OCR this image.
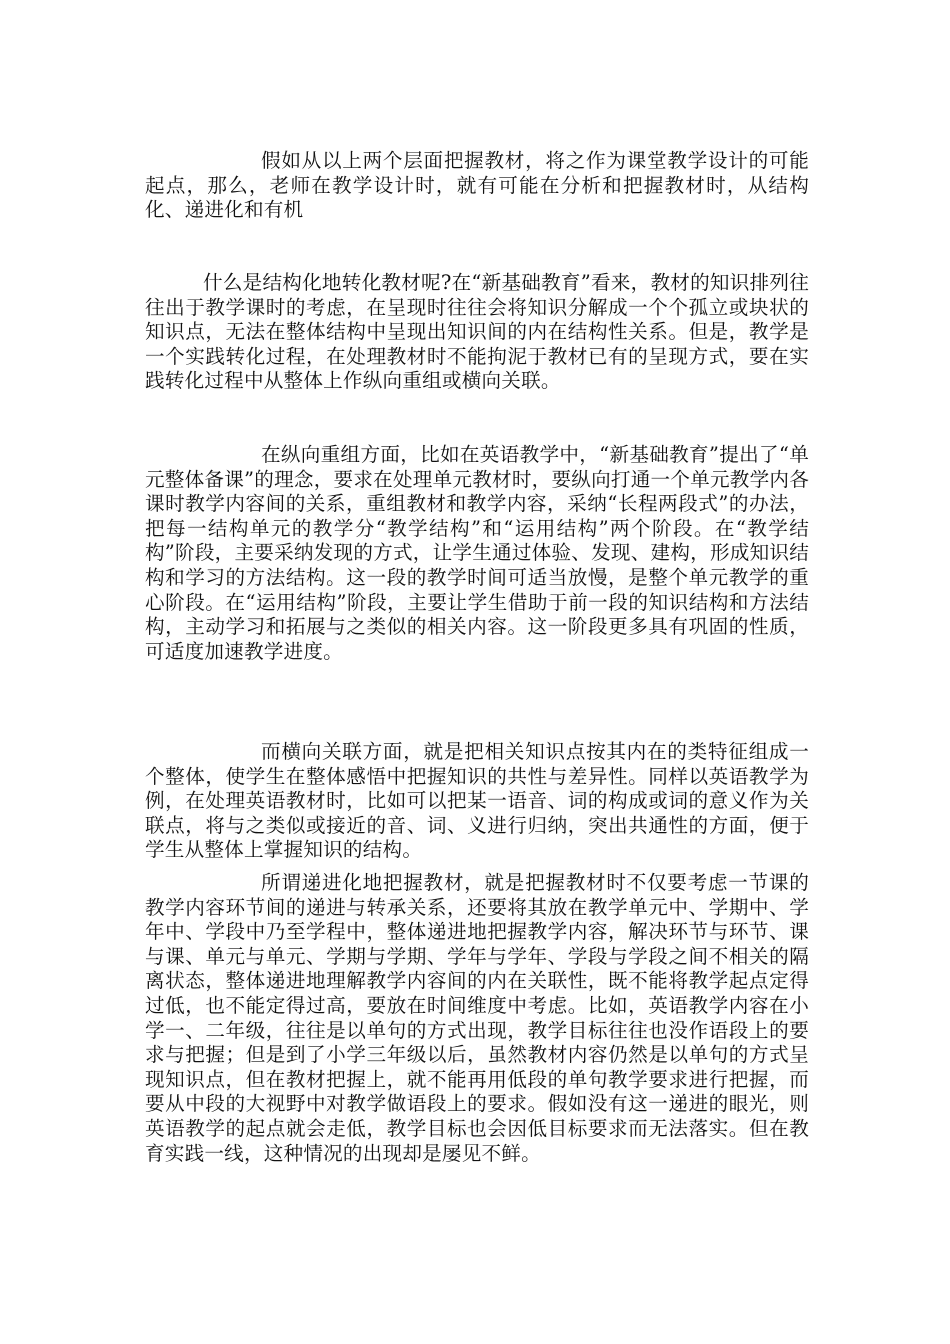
假如从以上两个层面把握教材，将之作为课堂教学设计的可能起点，那么，老师在教学设计时，就有可能在分析和把握教材时，从结构化、递进化和有机

什么是结构化地转化教材呢?在“新基础教育”看来，教材的知识排列往往出于教学课时的考虑，在呈现时往往会将知识分解成一个个孤立或块状的知识点，无法在整体结构中呈现出知识间的内在结构性关系。但是，教学是一个实践转化过程，在处理教材时不能拘泥于教材已有的呈现方式，要在实践转化过程中从整体上作纵向重组或横向关联。

在纵向重组方面，比如在英语教学中，“新基础教育”提出了“单元整体备课”的理念，要求在处理单元教材时，要纵向打通一个单元教学内各课时教学内容间的关系，重组教材和教学内容，采纳“长程两段式”的办法，把每一结构单元的教学分“教学结构”和“运用结构”两个阶段。在“教学结构”阶段，主要采纳发现的方式，让学生通过体验、发现、建构，形成知识结构和学习的方法结构。这一段的教学时间可适当放慢，是整个单元教学的重心阶段。在“运用结构”阶段，主要让学生借助于前一段的知识结构和方法结构，主动学习和拓展与之类似的相关内容。这一阶段更多具有巩固的性质，可适度加速教学进度。

而横向关联方面，就是把相关知识点按其内在的类特征组成一个整体，使学生在整体感悟中把握知识的共性与差异性。同样以英语教学为例，在处理英语教材时，比如可以把某一语音、词的构成或词的意义作为关联点，将与之类似或接近的音、词、义进行归纳，突出共通性的方面，便于学生从整体上掌握知识的结构。

所谓递进化地把握教材，就是把握教材时不仅要考虑一节课的教学内容环节间的递进与转承关系，还要将其放在教学单元中、学期中、学年中、学段中乃至学程中，整体递进地把握教学内容，解决环节与环节、课与课、单元与单元、学期与学期、学年与学年、学段与学段之间不相关的隔离状态，整体递进地理解教学内容间的内在关联性，既不能将教学起点定得过低，也不能定得过高，要放在时间维度中考虑。比如，英语教学内容在小学一、二年级，往往是以单句的方式出现，教学目标往往也没作语段上的要求与把握；但是到了小学三年级以后，虽然教材内容仍然是以单句的方式呈现知识点，但在教材把握上，就不能再用低段的单句教学要求进行把握，而要从中段的大视野中对教学做语段上的要求。假如没有这一递进的眼光，则英语教学的起点就会走低，教学目标也会因低目标要求而无法落实。但在教育实践一线，这种情况的出现却是屡见不鲜。
